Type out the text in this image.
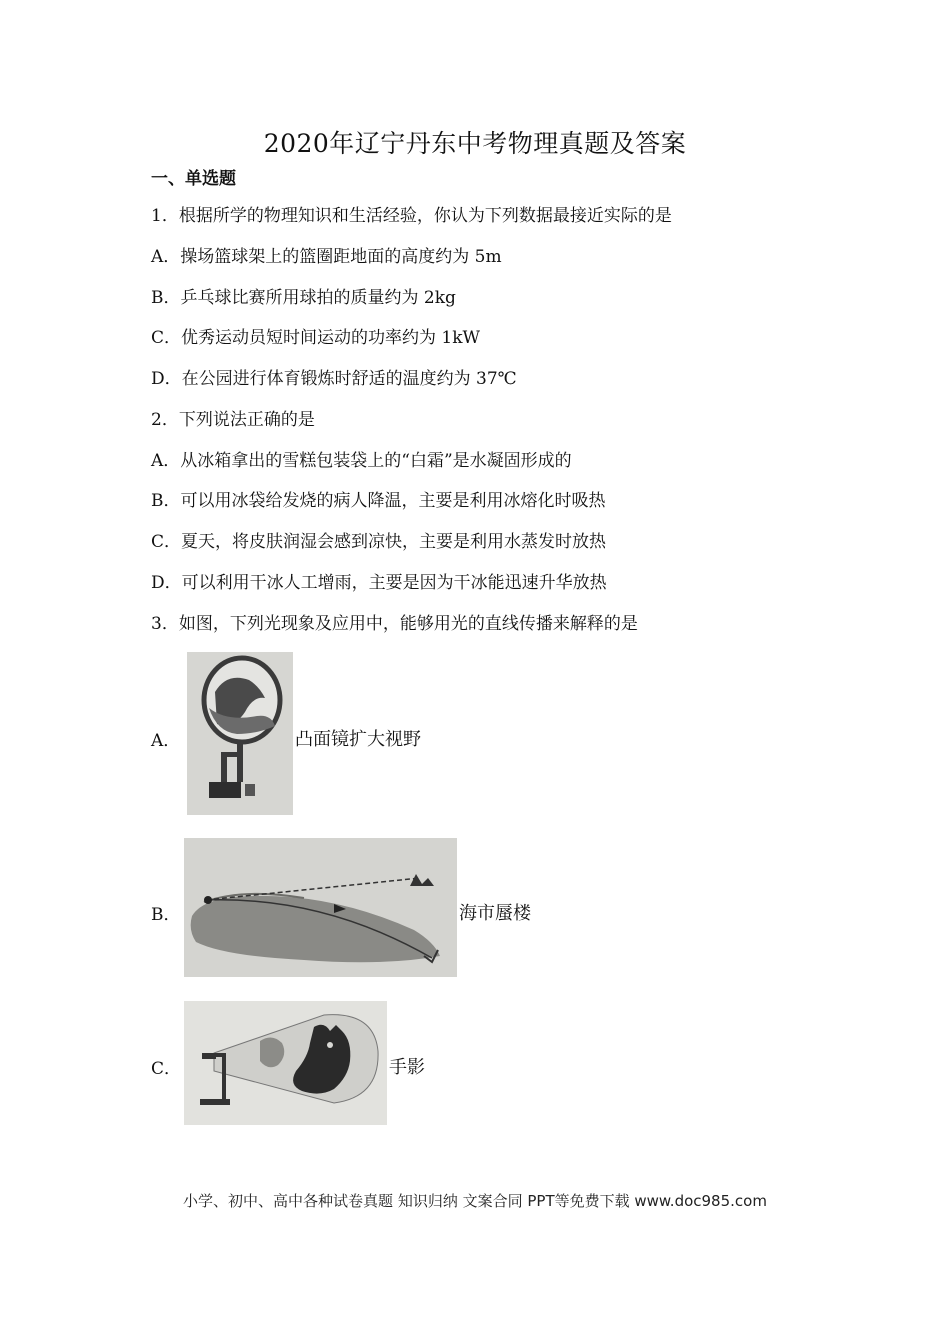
2020年辽宁丹东中考物理真题及答案
一、单选题
1．根据所学的物理知识和生活经验，你认为下列数据最接近实际的是
A．操场篮球架上的篮圈距地面的高度约为 5m
B．乒乓球比赛所用球拍的质量约为 2kg
C．优秀运动员短时间运动的功率约为 1kW
D．在公园进行体育锻炼时舒适的温度约为 37℃
2．下列说法正确的是
A．从冰箱拿出的雪糕包装袋上的“白霜”是水凝固形成的
B．可以用冰袋给发烧的病人降温，主要是利用冰熔化时吸热
C．夏天，将皮肤润湿会感到凉快，主要是利用水蒸发时放热
D．可以利用干冰人工增雨，主要是因为干冰能迅速升华放热
3．如图，下列光现象及应用中，能够用光的直线传播来解释的是
A．	凸面镜扩大视野
B．	海市蜃楼
C．	手影
小学、初中、高中各种试卷真题 知识归纳 文案合同 PPT等免费下载 www.doc985.com
